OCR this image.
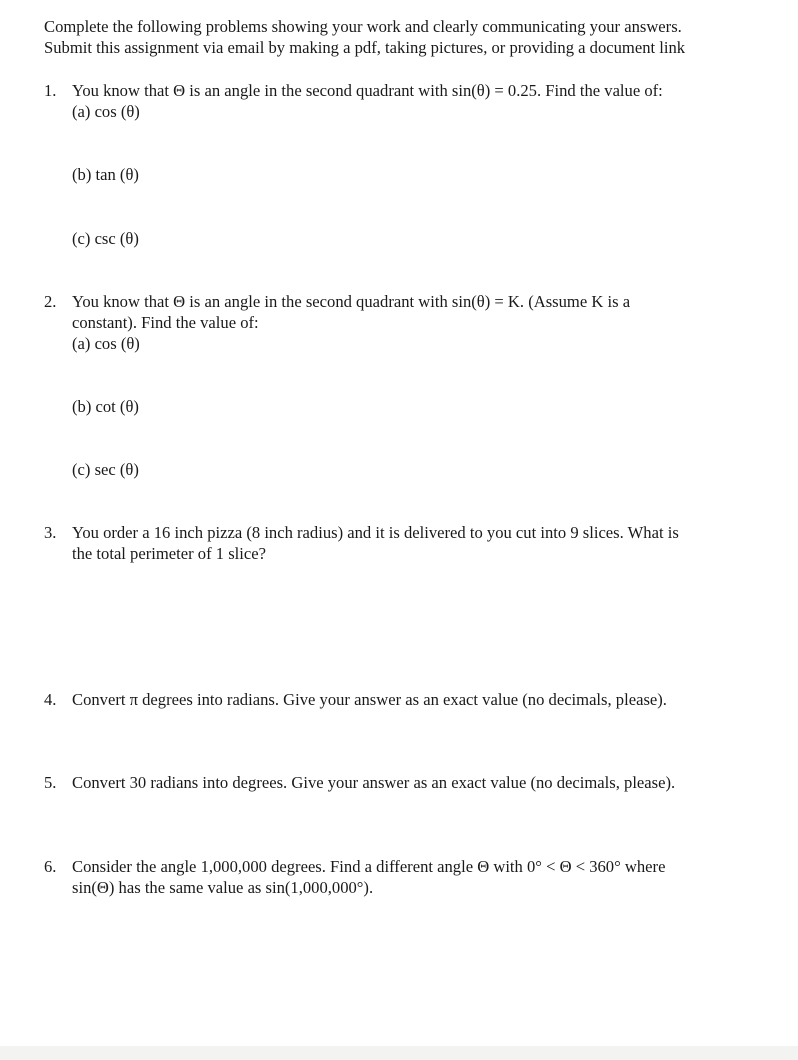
Complete the following problems showing your work and clearly communicating your answers.
Submit this assignment via email by making a pdf, taking pictures, or providing a document link
1. You know that Θ is an angle in the second quadrant with sin(θ) = 0.25. Find the value of:
(a) cos (θ)
(b) tan (θ)
(c) csc (θ)
2. You know that Θ is an angle in the second quadrant with sin(θ) = K. (Assume K is a
constant). Find the value of:
(a) cos (θ)
(b) cot (θ)
(c) sec (θ)
3. You order a 16 inch pizza (8 inch radius) and it is delivered to you cut into 9 slices. What is
the total perimeter of 1 slice?
4. Convert π degrees into radians. Give your answer as an exact value (no decimals, please).
5. Convert 30 radians into degrees. Give your answer as an exact value (no decimals, please).
6. Consider the angle 1,000,000 degrees. Find a different angle Θ with 0° < Θ < 360° where
sin(Θ) has the same value as sin(1,000,000°).
